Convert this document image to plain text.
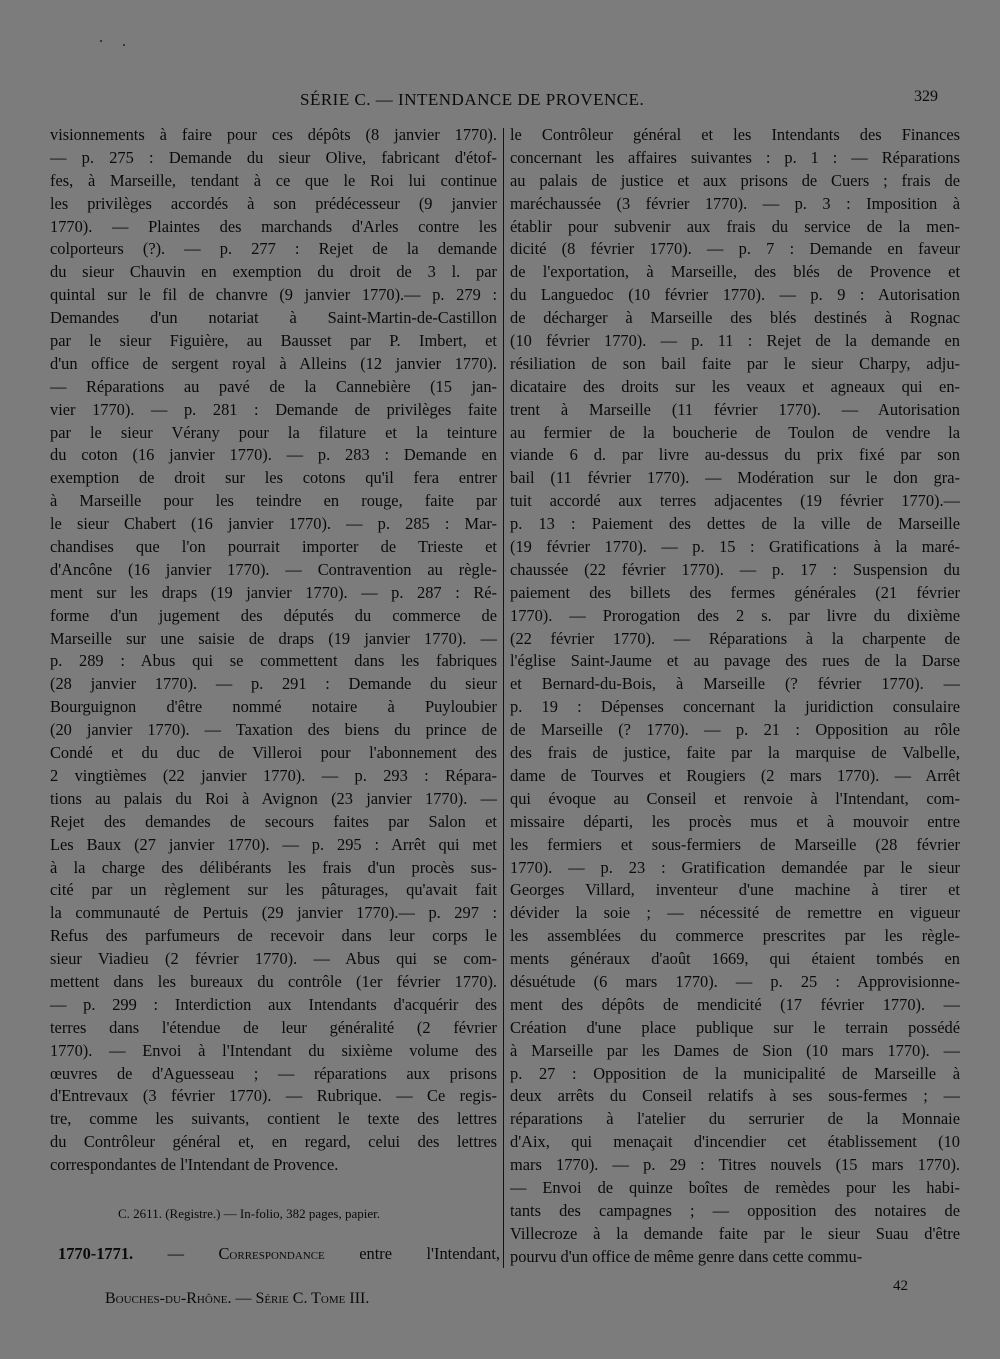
SÉRIE C. — INTENDANCE DE PROVENCE.	329
visionnements à faire pour ces dépôts (8 janvier 1770).
— p. 275 : Demande du sieur Olive, fabricant d'étof-
fes, à Marseille, tendant à ce que le Roi lui continue
les privilèges accordés à son prédécesseur (9 janvier
1770). — Plaintes des marchands d'Arles contre les
colporteurs (?). — p. 277 : Rejet de la demande
du sieur Chauvin en exemption du droit de 3 l. par
quintal sur le fil de chanvre (9 janvier 1770).— p. 279 :
Demandes d'un notariat à Saint-Martin-de-Castillon
par le sieur Figuière, au Bausset par P. Imbert, et
d'un office de sergent royal à Alleins (12 janvier 1770).
— Réparations au pavé de la Cannebière (15 jan-
vier 1770). — p. 281 : Demande de privilèges faite
par le sieur Vérany pour la filature et la teinture
du coton (16 janvier 1770). — p. 283 : Demande en
exemption de droit sur les cotons qu'il fera entrer
à Marseille pour les teindre en rouge, faite par
le sieur Chabert (16 janvier 1770). — p. 285 : Mar-
chandises que l'on pourrait importer de Trieste et
d'Ancône (16 janvier 1770). — Contravention au règle-
ment sur les draps (19 janvier 1770). — p. 287 : Ré-
forme d'un jugement des députés du commerce de
Marseille sur une saisie de draps (19 janvier 1770). —
p. 289 : Abus qui se commettent dans les fabriques
(28 janvier 1770). — p. 291 : Demande du sieur
Bourguignon d'être nommé notaire à Puyloubier
(20 janvier 1770). — Taxation des biens du prince de
Condé et du duc de Villeroi pour l'abonnement des
2 vingtièmes (22 janvier 1770). — p. 293 : Répara-
tions au palais du Roi à Avignon (23 janvier 1770). —
Rejet des demandes de secours faites par Salon et
Les Baux (27 janvier 1770). — p. 295 : Arrêt qui met
à la charge des délibérants les frais d'un procès sus-
cité par un règlement sur les pâturages, qu'avait fait
la communauté de Pertuis (29 janvier 1770).— p. 297 :
Refus des parfumeurs de recevoir dans leur corps le
sieur Viadieu (2 février 1770). — Abus qui se com-
mettent dans les bureaux du contrôle (1er février 1770).
— p. 299 : Interdiction aux Intendants d'acquérir des
terres dans l'étendue de leur généralité (2 février
1770). — Envoi à l'Intendant du sixième volume des
œuvres de d'Aguesseau ; — réparations aux prisons
d'Entrevaux (3 février 1770). — Rubrique. — Ce regis-
tre, comme les suivants, contient le texte des lettres
du Contrôleur général et, en regard, celui des lettres
correspondantes de l'Intendant de Provence.
le Contrôleur général et les Intendants des Finances
concernant les affaires suivantes : p. 1 : — Réparations
au palais de justice et aux prisons de Cuers ; frais de
maréchaussée (3 février 1770). — p. 3 : Imposition à
établir pour subvenir aux frais du service de la men-
dicité (8 février 1770). — p. 7 : Demande en faveur
de l'exportation, à Marseille, des blés de Provence et
du Languedoc (10 février 1770). — p. 9 : Autorisation
de décharger à Marseille des blés destinés à Rognac
(10 février 1770). — p. 11 : Rejet de la demande en
résiliation de son bail faite par le sieur Charpy, adju-
dicataire des droits sur les veaux et agneaux qui en-
trent à Marseille (11 février 1770). — Autorisation
au fermier de la boucherie de Toulon de vendre la
viande 6 d. par livre au-dessus du prix fixé par son
bail (11 février 1770). — Modération sur le don gra-
tuit accordé aux terres adjacentes (19 février 1770).—
p. 13 : Paiement des dettes de la ville de Marseille
(19 février 1770). — p. 15 : Gratifications à la maré-
chaussée (22 février 1770). — p. 17 : Suspension du
paiement des billets des fermes générales (21 février
1770). — Prorogation des 2 s. par livre du dixième
(22 février 1770). — Réparations à la charpente de
l'église Saint-Jaume et au pavage des rues de la Darse
et Bernard-du-Bois, à Marseille (? février 1770). —
p. 19 : Dépenses concernant la juridiction consulaire
de Marseille (? 1770). — p. 21 : Opposition au rôle
des frais de justice, faite par la marquise de Valbelle,
dame de Tourves et Rougiers (2 mars 1770). — Arrêt
qui évoque au Conseil et renvoie à l'Intendant, com-
missaire départi, les procès mus et à mouvoir entre
les fermiers et sous-fermiers de Marseille (28 février
1770). — p. 23 : Gratification demandée par le sieur
Georges Villard, inventeur d'une machine à tirer et
dévider la soie ; — nécessité de remettre en vigueur
les assemblées du commerce prescrites par les règle-
ments généraux d'août 1669, qui étaient tombés en
désuétude (6 mars 1770). — p. 25 : Approvisionne-
ment des dépôts de mendicité (17 février 1770). —
Création d'une place publique sur le terrain possédé
à Marseille par les Dames de Sion (10 mars 1770). —
p. 27 : Opposition de la municipalité de Marseille à
deux arrêts du Conseil relatifs à ses sous-fermes ; —
réparations à l'atelier du serrurier de la Monnaie
d'Aix, qui menaçait d'incendier cet établissement (10
mars 1770). — p. 29 : Titres nouvels (15 mars 1770).
— Envoi de quinze boîtes de remèdes pour les habi-
tants des campagnes ; — opposition des notaires de
Villecroze à la demande faite par le sieur Suau d'être
pourvu d'un office de même genre dans cette commu-
C. 2611. (Registre.) — In-folio, 382 pages, papier.
1770-1771. — Correspondance entre l'Intendant,
Bouches-du-Rhône. — Série C. Tome III.
42
